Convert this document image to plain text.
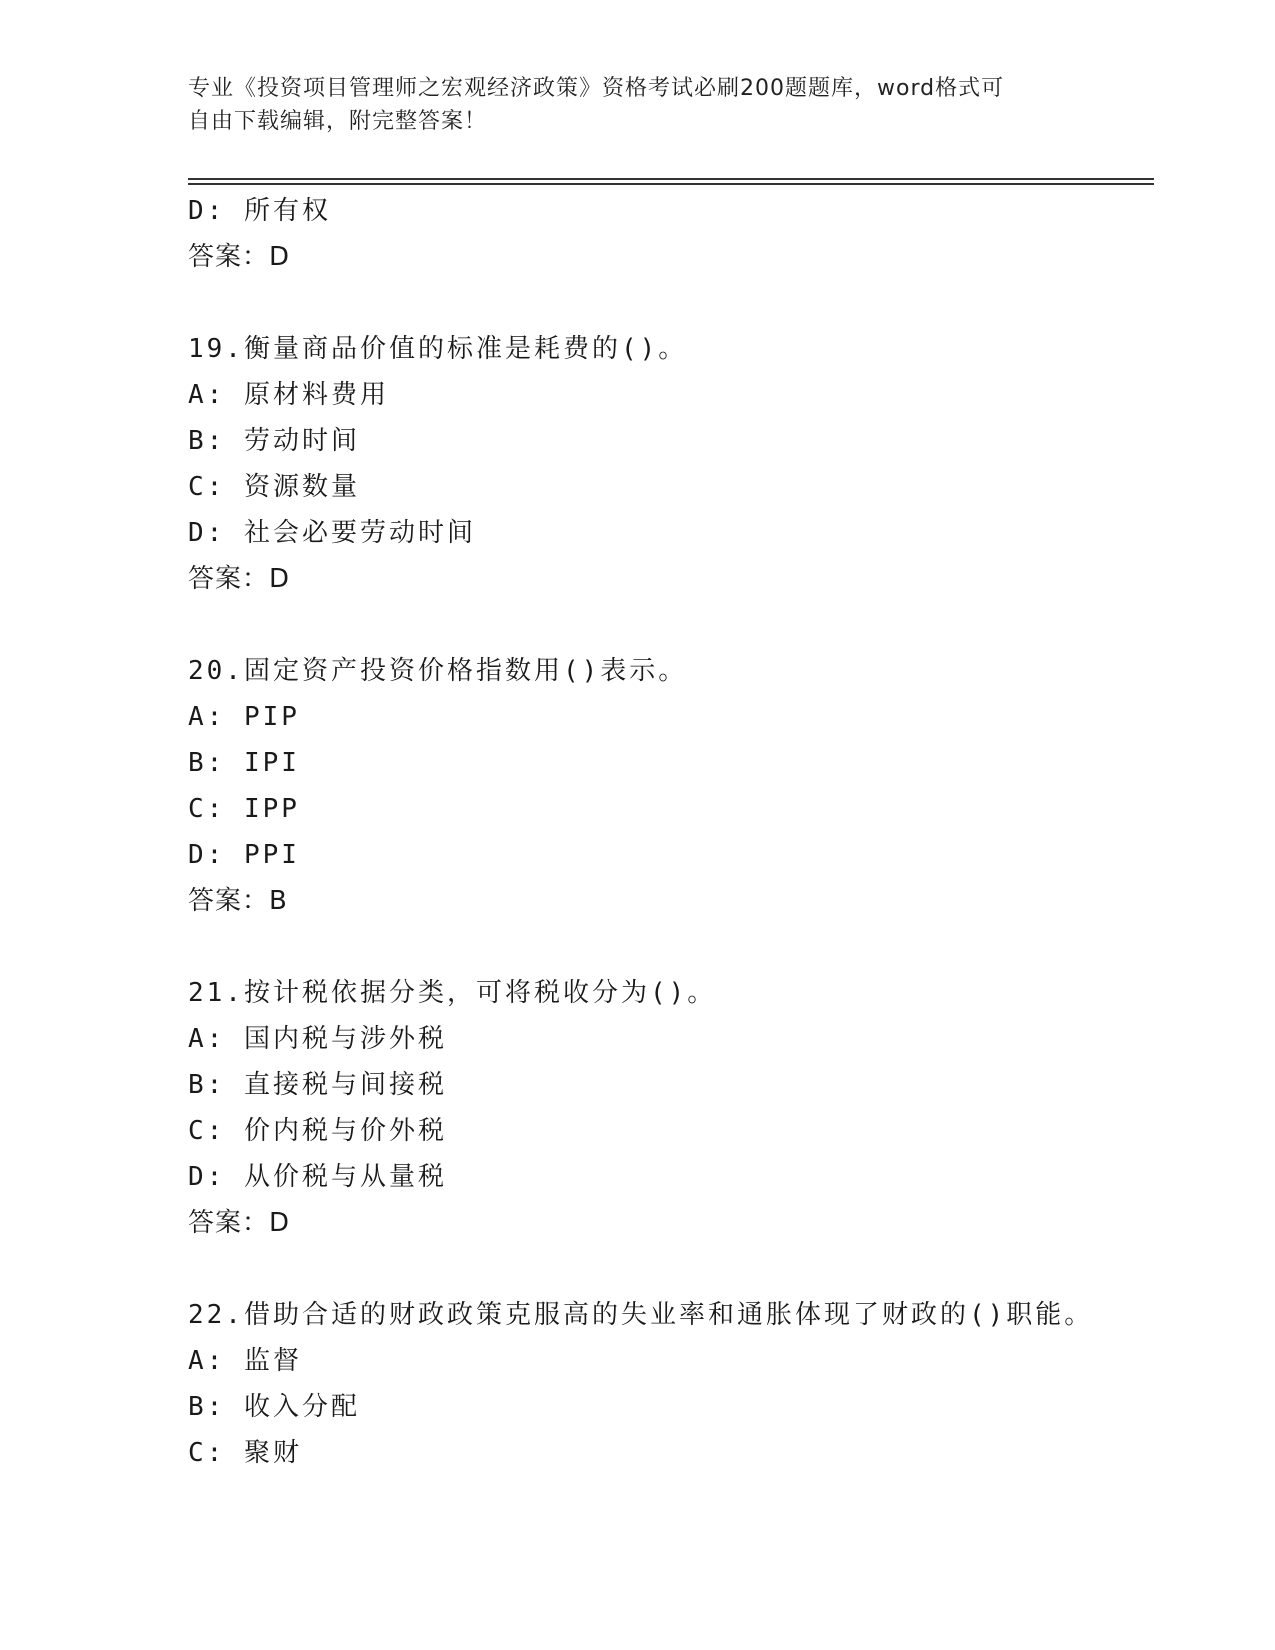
专业《投资项目管理师之宏观经济政策》资格考试必刷200题题库，word格式可
自由下载编辑，附完整答案！
D: 所有权
答案：D
19.衡量商品价值的标准是耗费的()。
A: 原材料费用
B: 劳动时间
C: 资源数量
D: 社会必要劳动时间
答案：D
20.固定资产投资价格指数用()表示。
A: PIP
B: IPI
C: IPP
D: PPI
答案：B
21.按计税依据分类，可将税收分为()。
A: 国内税与涉外税
B: 直接税与间接税
C: 价内税与价外税
D: 从价税与从量税
答案：D
22.借助合适的财政政策克服高的失业率和通胀体现了财政的()职能。
A: 监督
B: 收入分配
C: 聚财
